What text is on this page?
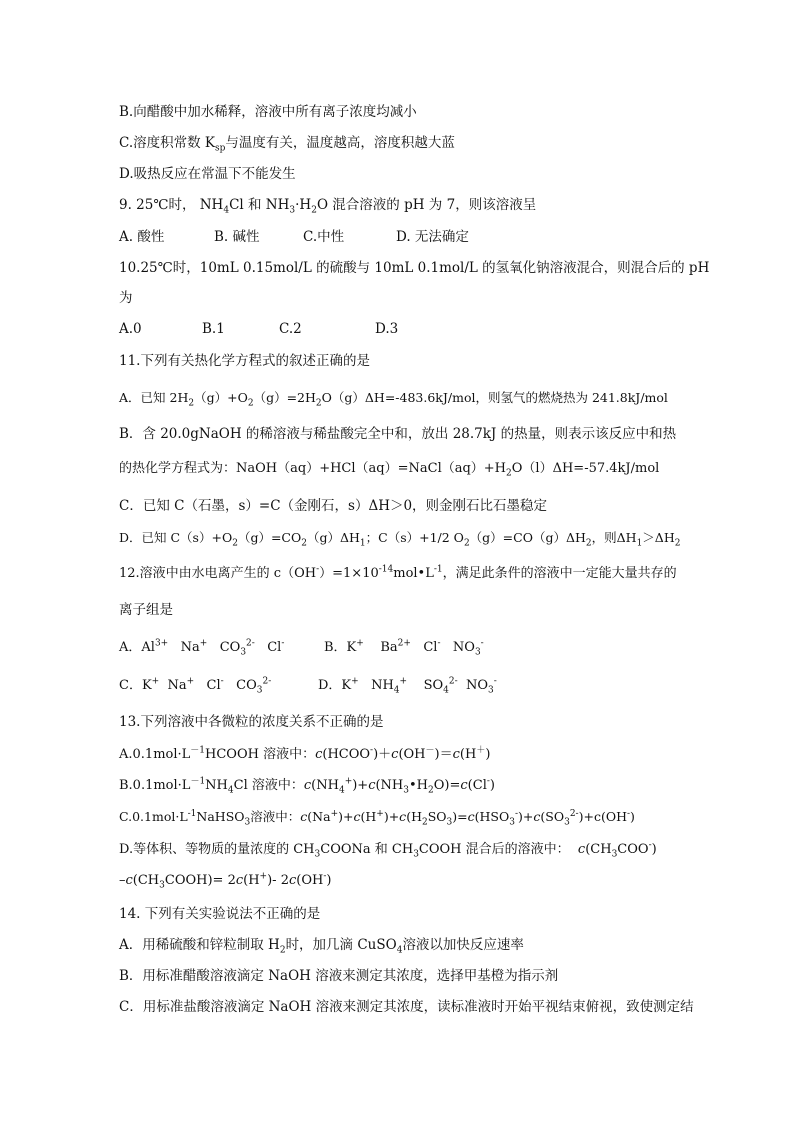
B.向醋酸中加水稀释，溶液中所有离子浓度均减小
C.溶度积常数 $K_{sp}$与温度有关，温度越高，溶度积越大蓝
D.吸热反应在常温下不能发生
9. 25℃时， $NH_4Cl$ 和 $NH_3\cdot H_2O$ 混合溶液的 pH 为 7，则该溶液呈
A. 酸性	B. 碱性	C.中性	D. 无法确定
10.25℃时，10mL 0.15mol/L 的硫酸与 10mL 0.1mol/L 的氢氧化钠溶液混合，则混合后的 pH
为
A.0	B.1	C.2	D.3
11.下列有关热化学方程式的叙述正确的是
A．已知 $2H_2(g)+O_2(g)=2H_2O(g)\Delta H=-483.6kJ$/mol，则氢气的燃烧热为 241.8kJ/mol
B．含 20.0gNaOH 的稀溶液与稀盐酸完全中和，放出 28.7kJ 的热量，则表示该反应中和热
的热化学方程式为：$NaOH(aq)+HCl(aq)=NaCl(aq)+H_2O(l)\Delta H=-57.4kJ$/mol
C．已知 C（石墨，s）=C（金刚石，s）ΔH＞0，则金刚石比石墨稳定
D．已知 $C(s)+O_2(g)=CO_2(g)\Delta H_1$；C（s）+1/2 $O_2(g)=CO(g)\Delta H_2$，则$\Delta H_1>\Delta H_2$
12.溶液中由水电离产生的 $c(OH^-)=1\times 10^{-14}mol•L^{-1}$，满足此条件的溶液中一定能大量共存的
离子组是
A．$Al^{3+}$   Na+   $CO_3^{2-}$   Cl-	B．K+    $Ba^{2+}$   Cl-   $NO_3^-$
C．K+  Na+   Cl-   $CO_3^{2-}$	D．K+   $NH_4^+$    $SO_4^{2-}$  $NO_3^-$
13.下列溶液中各微粒的浓度关系不正确的是
$A.0.1mol\cdot L^{-1}HCOOH$ 溶液中：c(HCOO-)＋c(OH－)＝c(H＋)
$B.0.1mol\cdot L^{-1}NH_4Cl$ 溶液中：$c(NH_4^+)+c(NH_3•H_2O)=c(Cl^-)$
$C.0.1mol\cdot L^{-1}NaHSO_3$溶液中：$c(Na^+)+c(H^+)+c(H_2SO_3)=c(HSO_3^-)+c(SO_3^{2-})+c(OH^-)$
D.等体积、等物质的量浓度的 $CH_3COONa$ 和 $CH_3COOH$ 混合后的溶液中： $c(CH_3COO^-)$
$-c(CH_3COOH)= 2c(H^+)-$ 2c(OH-)
14. 下列有关实验说法不正确的是
A．用稀硫酸和锌粒制取 $H_2$时，加几滴 CuSO$_4$溶液以加快反应速率
B．用标准醋酸溶液滴定 NaOH 溶液来测定其浓度，选择甲基橙为指示剂
C．用标准盐酸溶液滴定 NaOH 溶液来测定其浓度，读标准液时开始平视结束俯视，致使测定结
